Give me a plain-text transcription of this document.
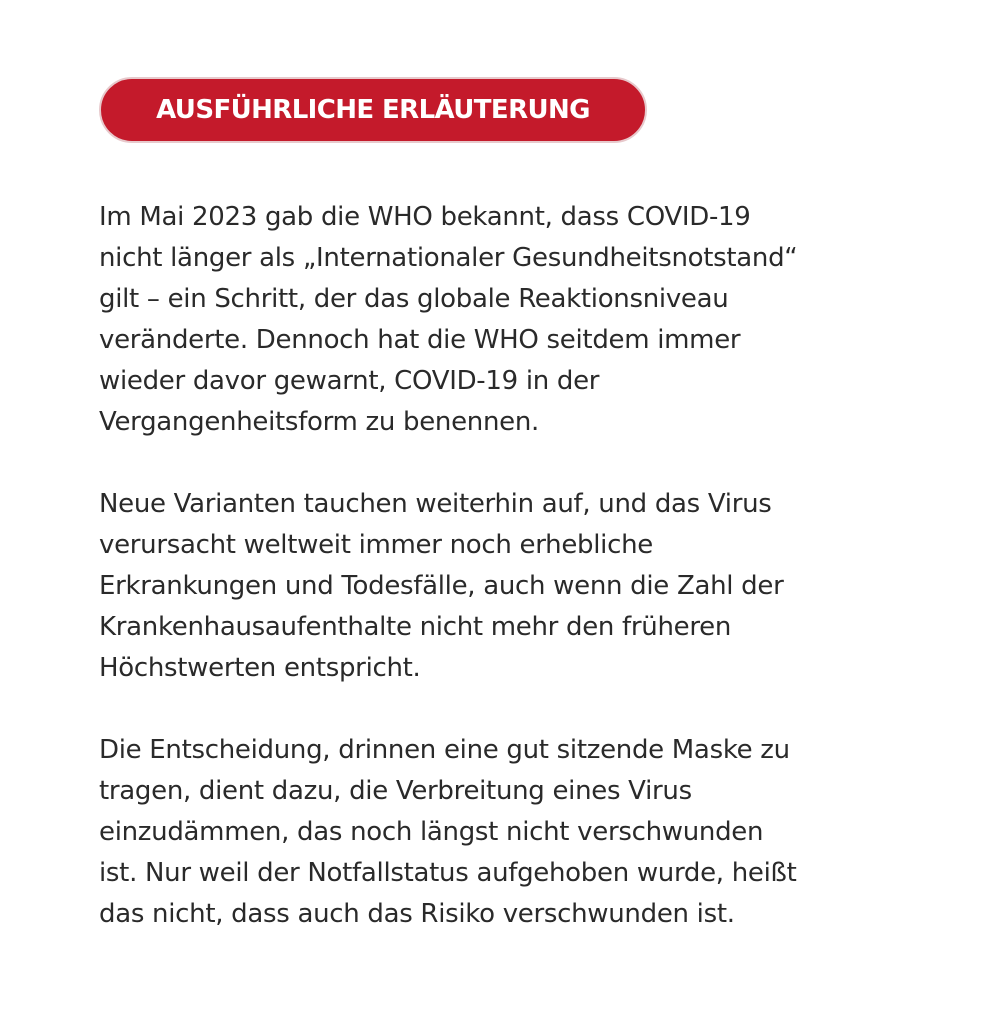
AUSFÜHRLICHE ERLÄUTERUNG

Im Mai 2023 gab die WHO bekannt, dass COVID-19
nicht länger als „Internationaler Gesundheitsnotstand“
gilt – ein Schritt, der das globale Reaktionsniveau
veränderte. Dennoch hat die WHO seitdem immer
wieder davor gewarnt, COVID-19 in der
Vergangenheitsform zu benennen.

Neue Varianten tauchen weiterhin auf, und das Virus
verursacht weltweit immer noch erhebliche
Erkrankungen und Todesfälle, auch wenn die Zahl der
Krankenhausaufenthalte nicht mehr den früheren
Höchstwerten entspricht.

Die Entscheidung, drinnen eine gut sitzende Maske zu
tragen, dient dazu, die Verbreitung eines Virus
einzudämmen, das noch längst nicht verschwunden
ist. Nur weil der Notfallstatus aufgehoben wurde, heißt
das nicht, dass auch das Risiko verschwunden ist.
